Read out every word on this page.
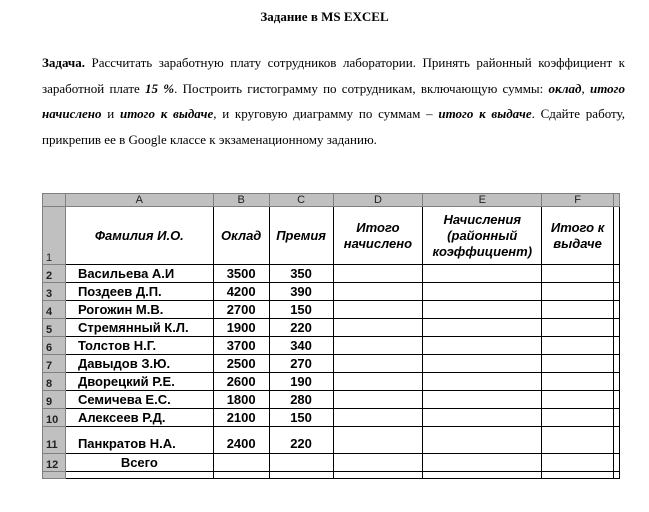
Задание в MS EXCEL
Задача. Рассчитать заработную плату сотрудников лаборатории. Принять районный коэффициент к заработной плате 15 %. Построить гистограмму по сотрудникам, включающую суммы: оклад, итого начислено и итого к выдаче, и круговую диаграмму по суммам – итого к выдаче. Сдайте работу, прикрепив ее в Google классе к экзаменационному заданию.
	A	B	C	D	E	F	
1	Фамилия И.О.	Оклад	Премия	Итого начислено	Начисления (районный коэффициент)	Итого к выдаче	
2	Васильева А.И	3500	350				
3	Поздеев Д.П.	4200	390				
4	Рогожин М.В.	2700	150				
5	Стремянный К.Л.	1900	220				
6	Толстов Н.Г.	3700	340				
7	Давыдов З.Ю.	2500	270				
8	Дворецкий Р.Е.	2600	190				
9	Семичева Е.С.	1800	280				
10	Алексеев Р.Д.	2100	150				
11	Панкратов Н.А.	2400	220				
12	Всего						
